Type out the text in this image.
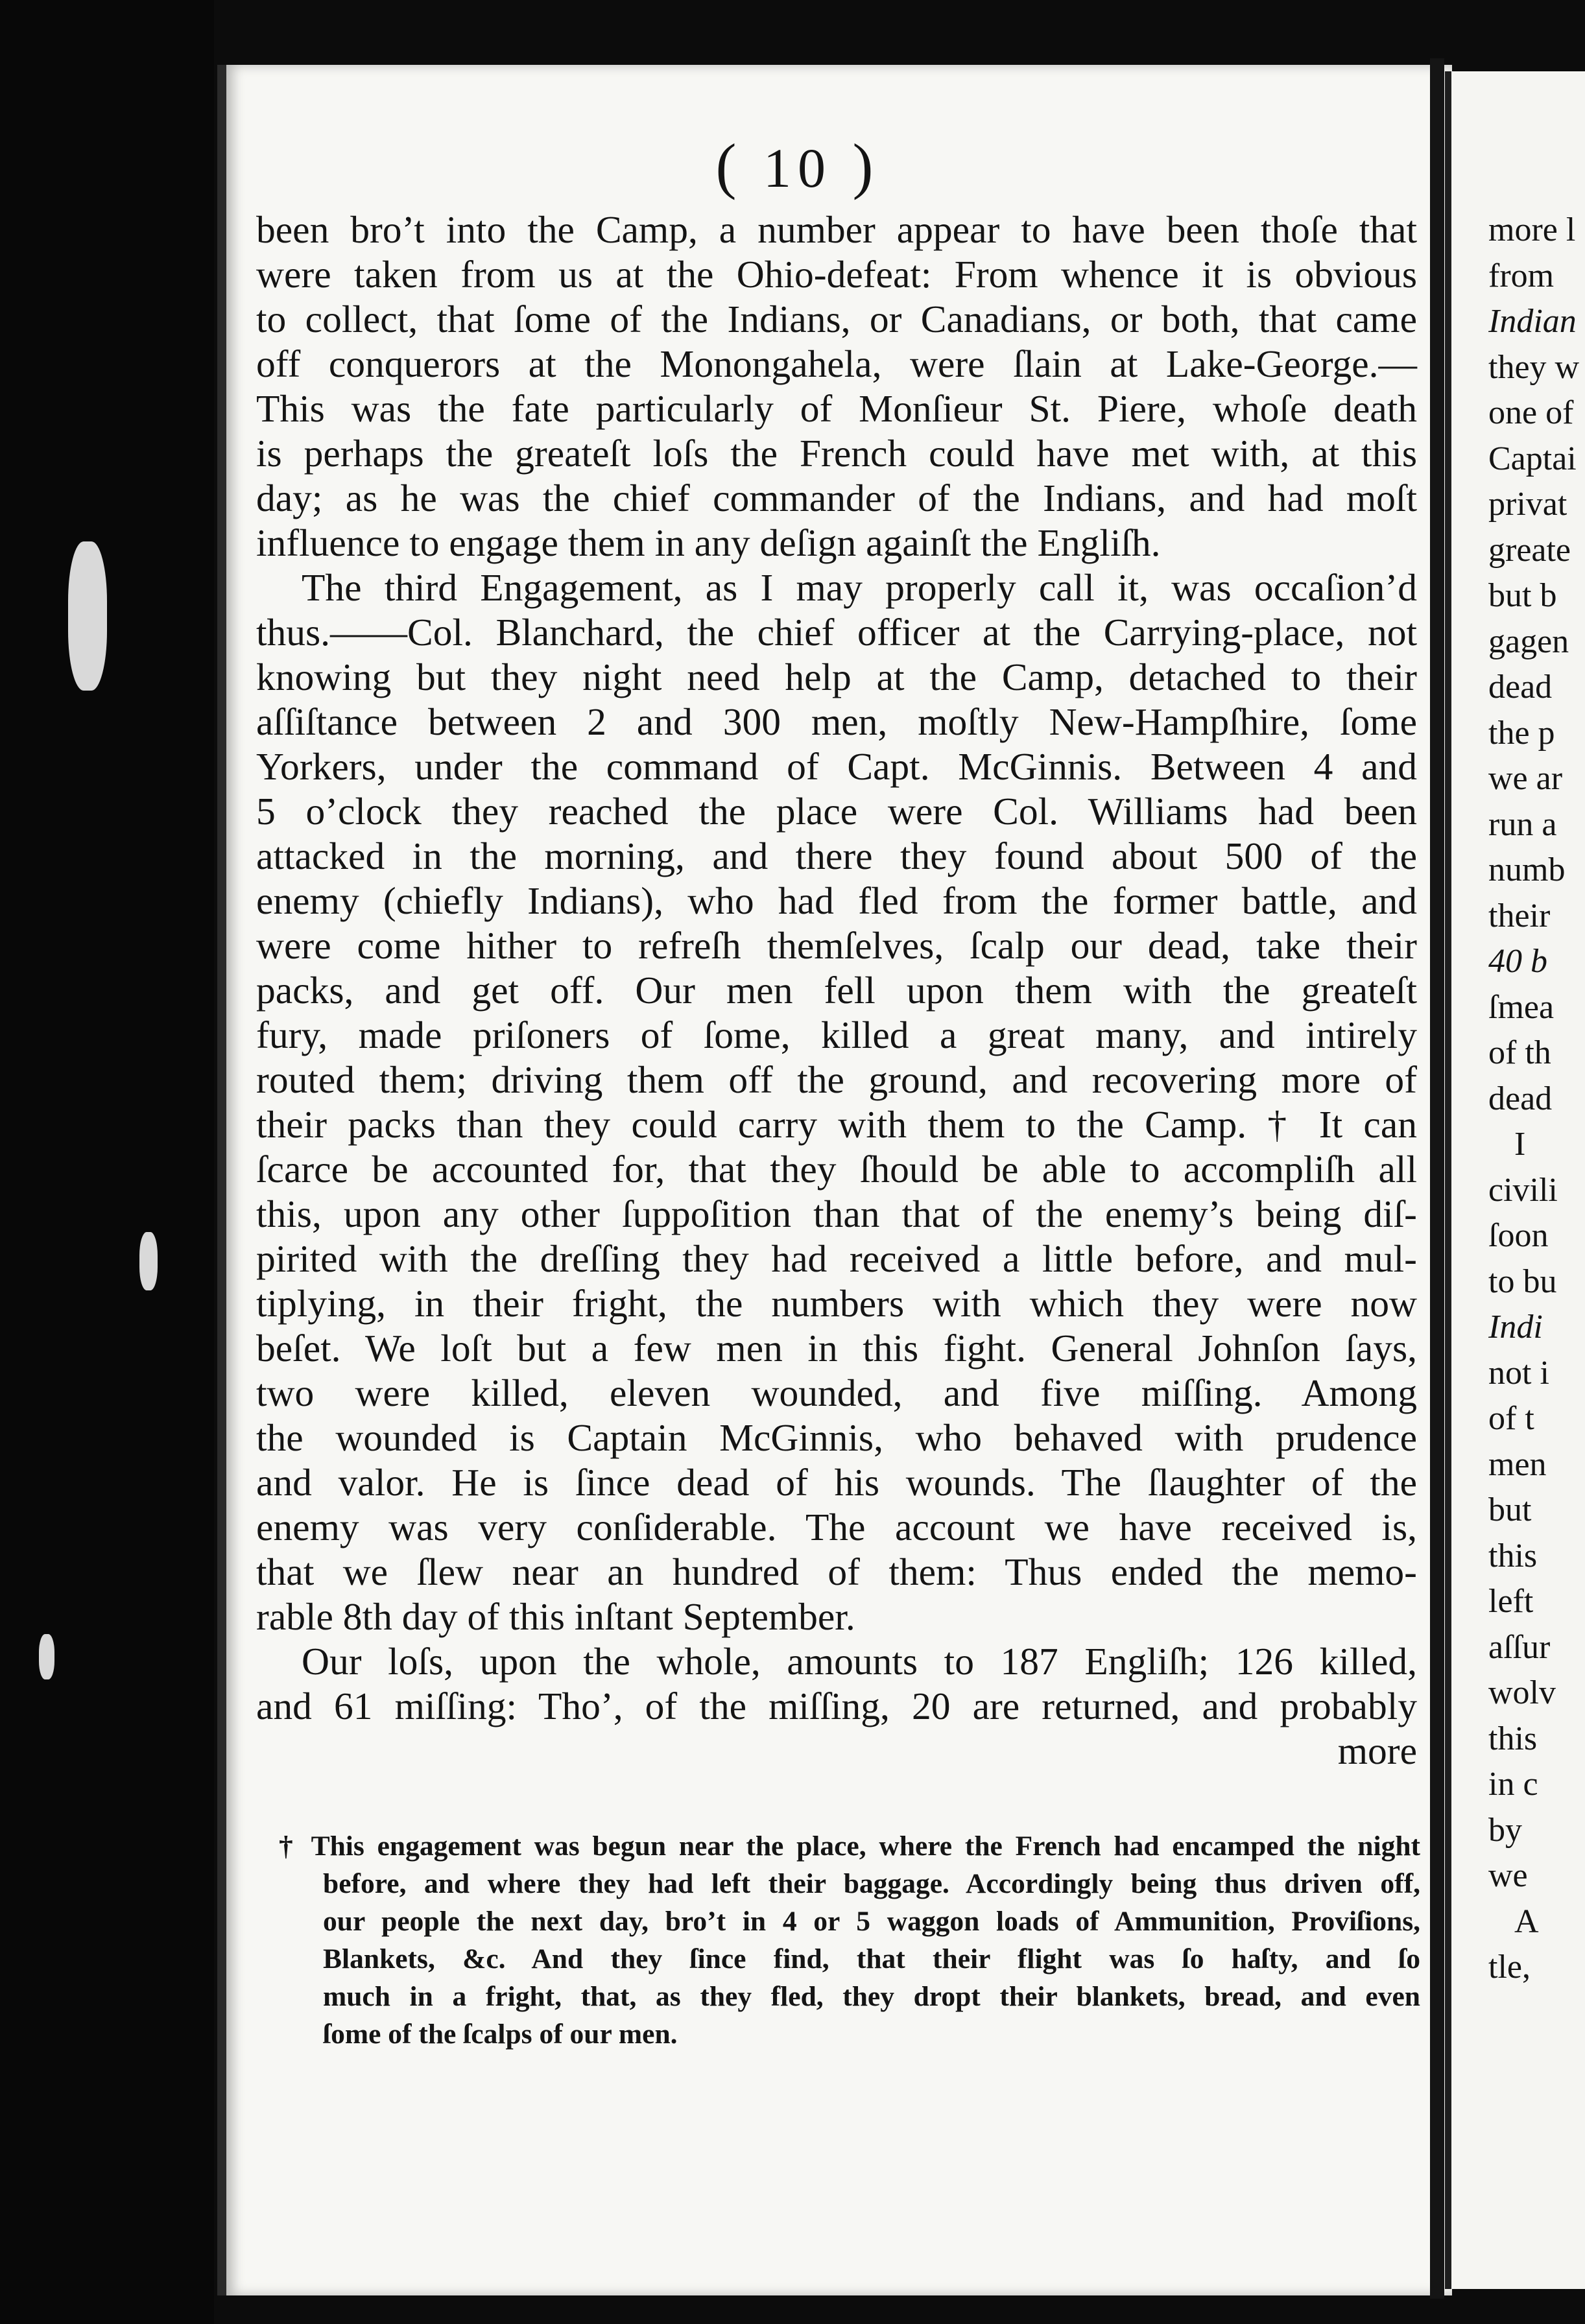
( 10 )
been bro’t into the Camp, a number appear to have been thoſe that
were taken from us at the Ohio-defeat: From whence it is obvious
to collect, that ſome of the Indians, or Canadians, or both, that came
off conquerors at the Monongahela, were ſlain at Lake-George.—
This was the fate particularly of Monſieur St. Piere, whoſe death
is perhaps the greateſt loſs the French could have met with, at this
day; as he was the chief commander of the Indians, and had moſt
influence to engage them in any deſign againſt the Engliſh.
The third Engagement, as I may properly call it, was occaſion’d
thus.——Col. Blanchard, the chief officer at the Carrying-place, not
knowing but they night need help at the Camp, detached to their
aſſiſtance between 2 and 300 men, moſtly New-Hampſhire, ſome
Yorkers, under the command of Capt. McGinnis. Between 4 and
5 o’clock they reached the place were Col. Williams had been
attacked in the morning, and there they found about 500 of the
enemy (chiefly Indians), who had fled from the former battle, and
were come hither to refreſh themſelves, ſcalp our dead, take their
packs, and get off. Our men fell upon them with the greateſt
fury, made priſoners of ſome, killed a great many, and intirely
routed them; driving them off the ground, and recovering more of
their packs than they could carry with them to the Camp. † It can
ſcarce be accounted for, that they ſhould be able to accompliſh all
this, upon any other ſuppoſition than that of the enemy’s being diſ-
pirited with the dreſſing they had received a little before, and mul-
tiplying, in their fright, the numbers with which they were now
beſet. We loſt but a few men in this fight. General Johnſon ſays,
two were killed, eleven wounded, and five miſſing. Among
the wounded is Captain McGinnis, who behaved with prudence
and valor. He is ſince dead of his wounds. The ſlaughter of the
enemy was very conſiderable. The account we have received is,
that we ſlew near an hundred of them: Thus ended the memo-
rable 8th day of this inſtant September.
Our loſs, upon the whole, amounts to 187 Engliſh; 126 killed,
and 61 miſſing: Tho’, of the miſſing, 20 are returned, and probably
more
† This engagement was begun near the place, where the French had encamped the night
before, and where they had left their baggage. Accordingly being thus driven off,
our people the next day, bro’t in 4 or 5 waggon loads of Ammunition, Proviſions,
Blankets, &c. And they ſince find, that their flight was ſo haſty, and ſo
much in a fright, that, as they fled, they dropt their blankets, bread, and even
ſome of the ſcalps of our men.
more l
from
Indian
they w
one of
Captai
privat
greate
but b
gagen
dead
the p
we ar
run a
numb
their
40 b
ſmea
of th
dead
I
civili
ſoon
to bu
Indi
not i
of t
men
but
this
left
aſſur
wolv
this
in c
by
we
A
tle,
